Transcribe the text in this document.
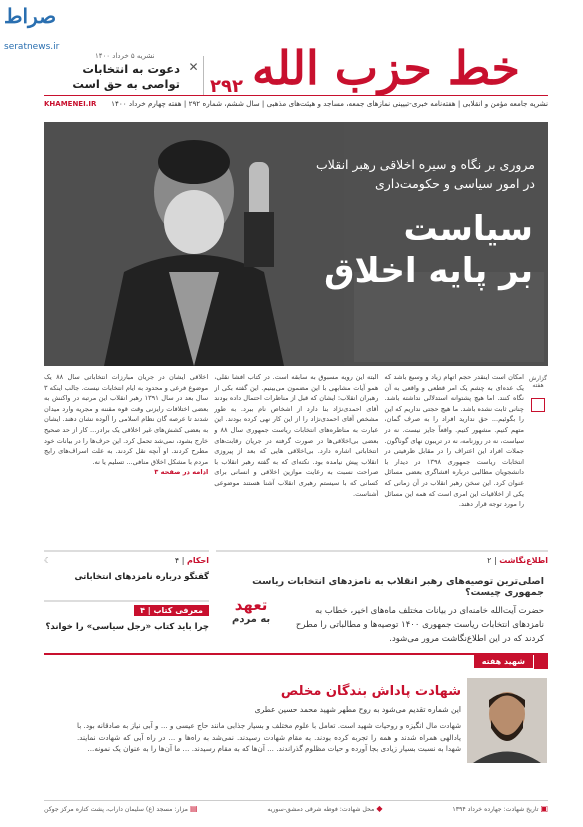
صراط
seratnews.ir	خط حزب الله
۲۹۲
نشریه ۵ خرداد ۱۴۰۰
دعوت به انتخابات
تواصی به حق است
✕
نشریه جامعه مؤمن و انقلابی | هفته‌نامه خبری-تبیینی نمازهای جمعه، مساجد و هیئت‌های مذهبی | سال ششم، شماره ۲۹۲ | هفته چهارم خرداد ۱۴۰۰
KHAMENEI.IR
مروری بر نگاه و سیره اخلاقی رهبر انقلاب در امور سیاسی و حکومت‌داری
سیاست
بر پایه اخلاق
گزارش هفته
امکان است اینقدر حجم اتهام زیاد و وسیع باشد که یک عده‌ای به چشم یک امر قطعی و واقعی به آن نگاه کنند. اما هیچ پشتوانه استدلالی نداشته باشد. چنانی ثابت نشده باشد. ما هیچ حجتی نداریم که این را بگوئیم... حق ندارید افراد را به صرف گمان، متهم کنیم. مشهور کنیم. واقعاً جایز نیست. نه در سیاست، نه در روزنامه، نه در تریبون نهای گوناگون. جملات افراد این اعتراف را در مقابل ظرفیتی در انتخابات ریاست جمهوری ۱۳۹۸ در دیدار با دانشجویان مطالبی درباره افشاگری بعضی مسائل عنوان کرد. این سخن رهبر انقلاب در آن زمانی که یکی از اخلاقیات این امری است که همه این مسائل را مورد توجه قرار دهند.
البته این رویه مسبوق به سابقه است. در کتاب افشا نقلی، همو آیات مشابهی با این مضمون می‌بینیم. این گفته بکی از رهبران انقلاب: ایشان که قبل از مناظرات احتمال داده بودند آقای احمدی‌نژاد بنا دارد از اشخاص نام ببرد. به طور مشخص آقای احمدی‌نژاد را از این کار نهی کرده بودند. این عبارت به مناظره‌های انتخابات ریاست جمهوری سال ۸۸ و بعضی بی‌اخلاقی‌ها در صورت گرفته در جریان رقابت‌های انتخاباتی اشاره دارد. بی‌اخلاقی هایی که بعد از پیروزی انقلاب پیش نیامده بود. نکته‌ای که به گفته رهبر انقلاب با صراحت نسبت به رعایت موازین اخلاقی و انسانی برای کسانی که با سیستم رهبری انقلاب آشنا هستند موضوعی آشناست.
اخلاقی ایشان در جریان مبارزات انتخاباتی سال ۸۸ یک موضوع فرعی و محدود به ایام انتخابات نیست. جالب اینکه ۳ سال بعد در سال ۱۳۹۱ رهبر انقلاب این مرتبه در واکنش به بعضی اختلافات رایزنی وقت قوه مقننه و مجریه وارد میدان شدند تا عرصه گان نظام اسلامی را آلوده نشان دهند. ایشان به بعضی کشش‌های غیر اخلاقی یک برادر... کار از حد صحیح خارج بشود، نمی‌شد تحمل کرد. این حرف‌ها را در بیانات خود مطرح کردند. او آنچه نقل کردند. به علت اسراف‌های رایج مردم با مشکل اخلاق منافی... تسلیم یا نه.
ادامه در صفحه ۳
احکام | ۴
☾
گفتگو درباره نامزدهای انتخاباتی
معرفی کتاب | ۴
چرا باید کتاب «رجل سیاسی» را خواند؟
اطلاع‌نگاشت | ۲
اصلی‌ترین توصیه‌های رهبر انقلاب به نامزدهای انتخابات ریاست جمهوری چیست؟
حضرت آیت‌الله خامنه‌ای در بیانات مختلف ماه‌های اخیر، خطاب به نامزدهای انتخابات ریاست جمهوری ۱۴۰۰ توصیه‌ها و مطالباتی را مطرح کردند که در این اطلاع‌نگاشت مرور می‌شود.
تعهد
به مردم
شهید هفته
شهادت پاداش بندگان مخلص
این شماره تقدیم می‌شود به روح مطهر شهید محمد حسین عطری
شهادت مال انگیزه و روحیات شهید است. تعامل با علوم مختلف و بسیار جذابی مانند حاج عیسی و ... و آبی نیاز به صادقانه بود. با یادالهی همراه شدند و همه را تجربه کرده بودند. به مقام شهادت رسیدند. نمی‌شد به راه‌ها و ... در راه آبی که شهادت نمایند. شهدا به نسبت بسیار زیادی بجا آورده و حیات مظلوم گذراندند. ... آن‌ها که به مقام رسیدند. ... ما آن‌ها را به‌ عنوان یک نمونه...
▣ تاریخ شهادت: جهارده خرداد ۱۳۹۴
◆ محل شهادت: فوطه شرقی دمشق-سوریه
▤ مزار: مسجد (ع) سلیمان داراب، پشت کتاره مرکز جوکن
